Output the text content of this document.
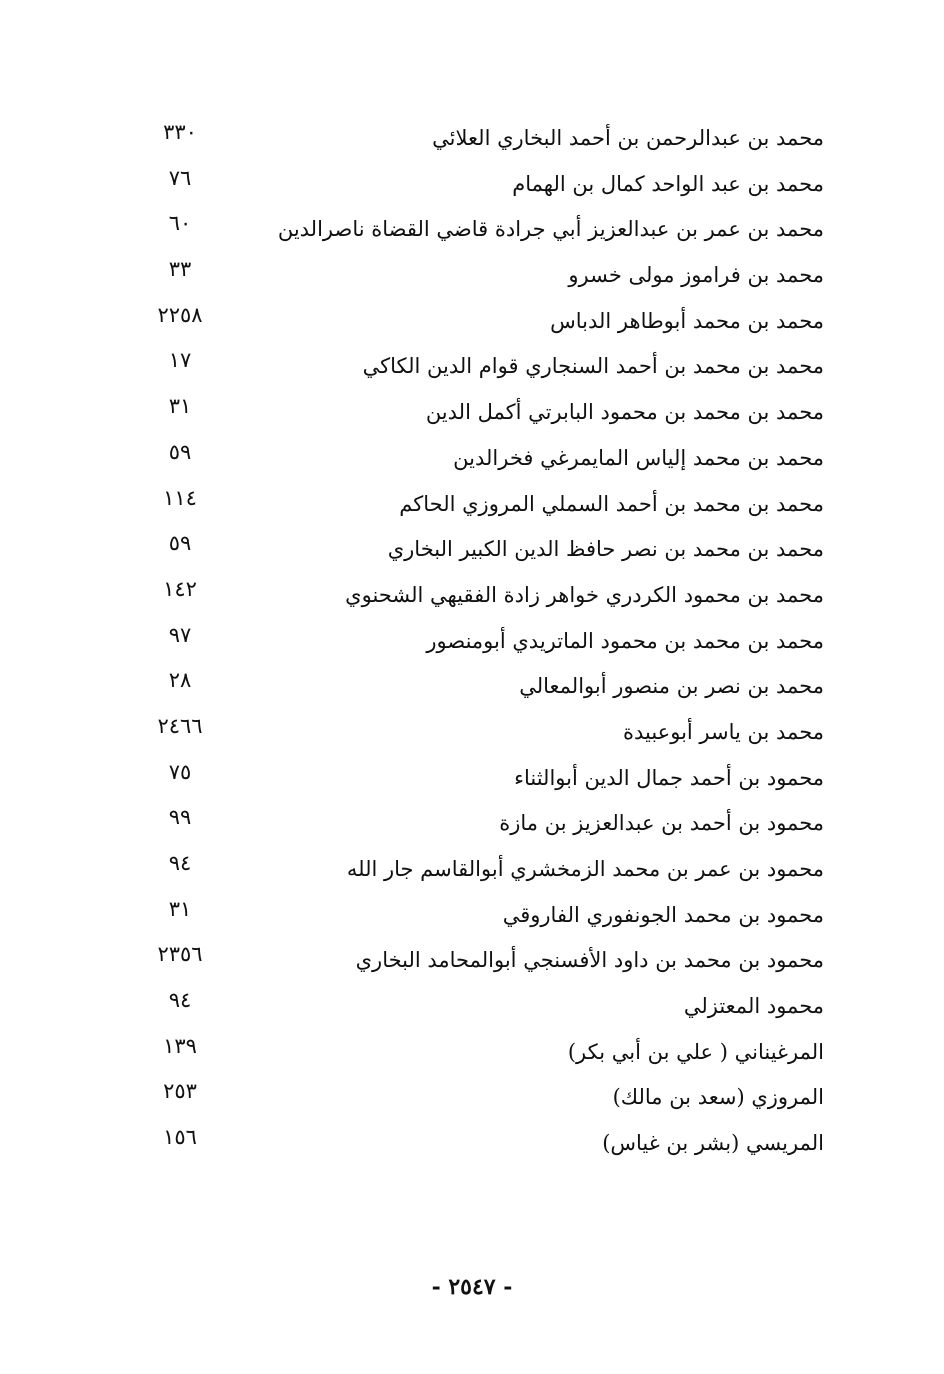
محمد بن عبدالرحمن بن أحمد البخاري العلائي
٣٣٠
محمد بن عبد الواحد كمال بن الهمام
٧٦
محمد بن عمر بن عبدالعزيز أبي جرادة قاضي القضاة ناصرالدين
٦٠
محمد بن فراموز مولى خسرو
٣٣
محمد بن محمد أبوطاهر الدباس
٢٢٥٨
محمد بن محمد بن أحمد السنجاري قوام الدين الكاكي
١٧
محمد بن محمد بن محمود البابرتي أكمل الدين
٣١
محمد بن محمد إلياس المايمرغي فخرالدين
٥٩
محمد بن محمد بن أحمد السملي المروزي الحاكم
١١٤
محمد بن محمد بن نصر حافظ الدين الكبير البخاري
٥٩
محمد بن محمود الكردري خواهر زادة الفقيهي الشحنوي
١٤٢
محمد بن محمد بن محمود الماتريدي أبومنصور
٩٧
محمد بن نصر بن منصور أبوالمعالي
٢٨
محمد بن ياسر أبوعبيدة
٢٤٦٦
محمود بن أحمد جمال الدين أبوالثناء
٧٥
محمود بن أحمد بن عبدالعزيز بن مازة
٩٩
محمود بن عمر بن محمد الزمخشري أبوالقاسم جار الله
٩٤
محمود بن محمد الجونفوري الفاروقي
٣١
محمود بن محمد بن داود الأفسنجي أبوالمحامد البخاري
٢٣٥٦
محمود المعتزلي
٩٤
المرغيناني ( علي بن أبي بكر)
١٣٩
المروزي (سعد بن مالك)
٢٥٣
المريسي (بشر بن غياس)
١٥٦
- ٢٥٤٧ -
